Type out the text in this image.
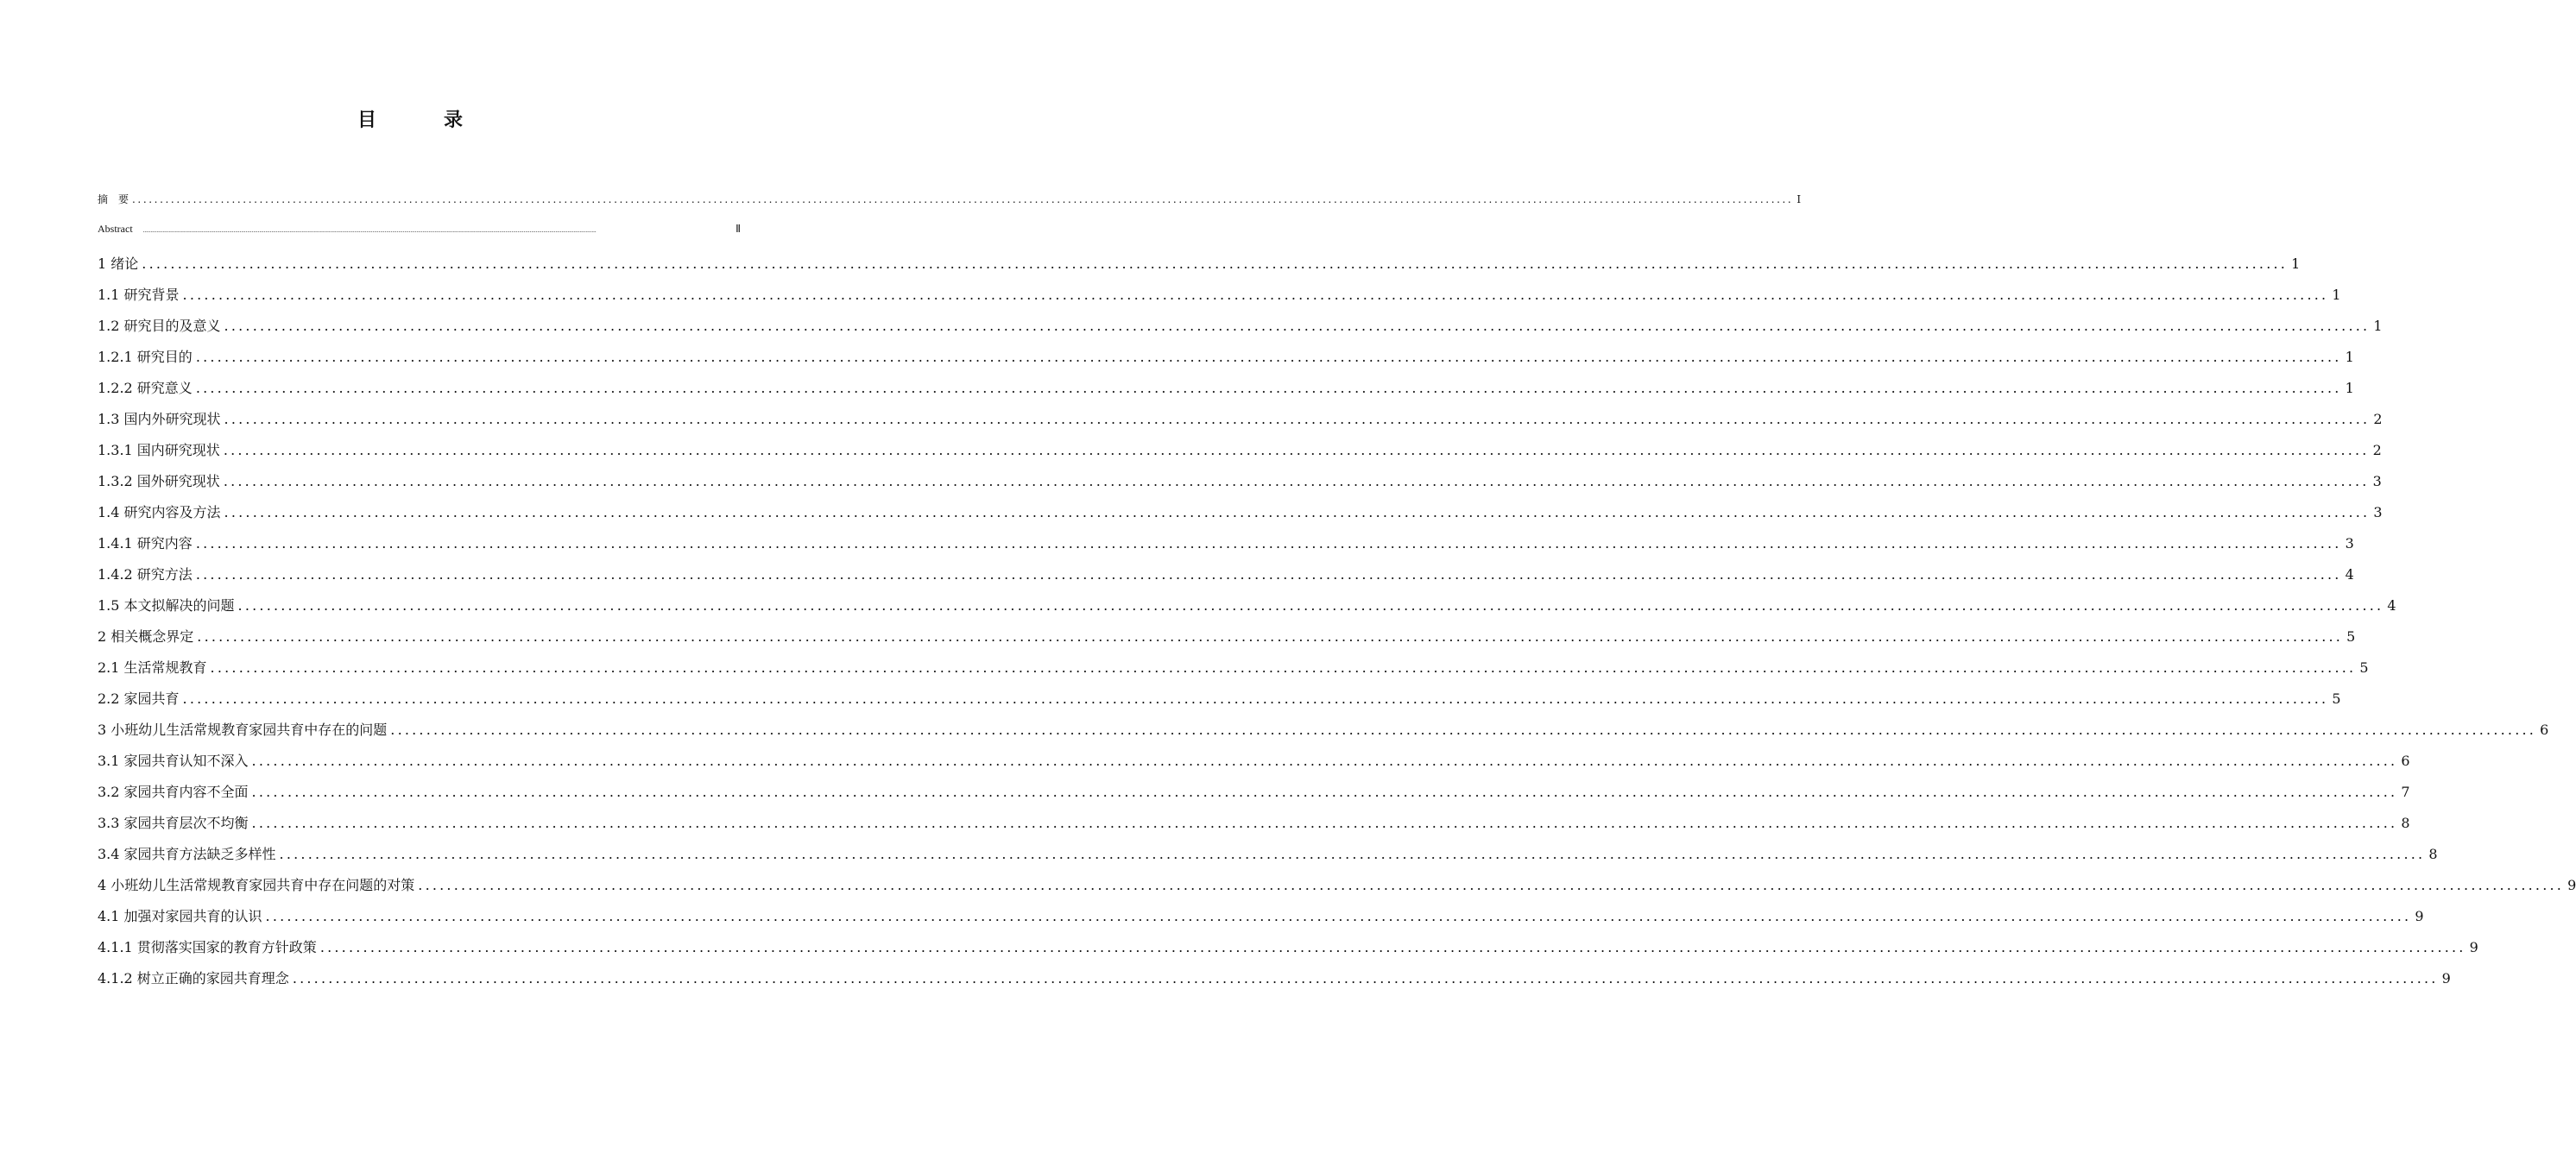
目　录
摘　要 ............................................................................................................................................................................................................................................................................................................ I
Abstract ............................................................................................................................................................................................................................................................................................................	Ⅱ
1 绪论 ............................................................................................................................................................................................................................................................................................................ 1
1.1 研究背景 ............................................................................................................................................................................................................................................................................................................ 1
1.2 研究目的及意义 ............................................................................................................................................................................................................................................................................................................ 1
1.2.1 研究目的 ............................................................................................................................................................................................................................................................................................................ 1
1.2.2 研究意义 ............................................................................................................................................................................................................................................................................................................ 1
1.3 国内外研究现状 ............................................................................................................................................................................................................................................................................................................ 2
1.3.1 国内研究现状 ............................................................................................................................................................................................................................................................................................................ 2
1.3.2 国外研究现状 ............................................................................................................................................................................................................................................................................................................ 3
1.4 研究内容及方法 ............................................................................................................................................................................................................................................................................................................ 3
1.4.1 研究内容 ............................................................................................................................................................................................................................................................................................................ 3
1.4.2 研究方法 ............................................................................................................................................................................................................................................................................................................ 4
1.5 本文拟解决的问题 ............................................................................................................................................................................................................................................................................................................ 4
2 相关概念界定 ............................................................................................................................................................................................................................................................................................................ 5
2.1 生活常规教育 ............................................................................................................................................................................................................................................................................................................ 5
2.2 家园共育 ............................................................................................................................................................................................................................................................................................................ 5
3 小班幼儿生活常规教育家园共育中存在的问题 ............................................................................................................................................................................................................................................................................................................ 6
3.1 家园共育认知不深入 ............................................................................................................................................................................................................................................................................................................ 6
3.2 家园共育内容不全面 ............................................................................................................................................................................................................................................................................................................ 7
3.3 家园共育层次不均衡 ............................................................................................................................................................................................................................................................................................................ 8
3.4 家园共育方法缺乏多样性 ............................................................................................................................................................................................................................................................................................................ 8
4 小班幼儿生活常规教育家园共育中存在问题的对策 ............................................................................................................................................................................................................................................................................................................ 9
4.1 加强对家园共育的认识 ............................................................................................................................................................................................................................................................................................................ 9
4.1.1 贯彻落实国家的教育方针政策 ............................................................................................................................................................................................................................................................................................................ 9
4.1.2 树立正确的家园共育理念 ............................................................................................................................................................................................................................................................................................................ 9
